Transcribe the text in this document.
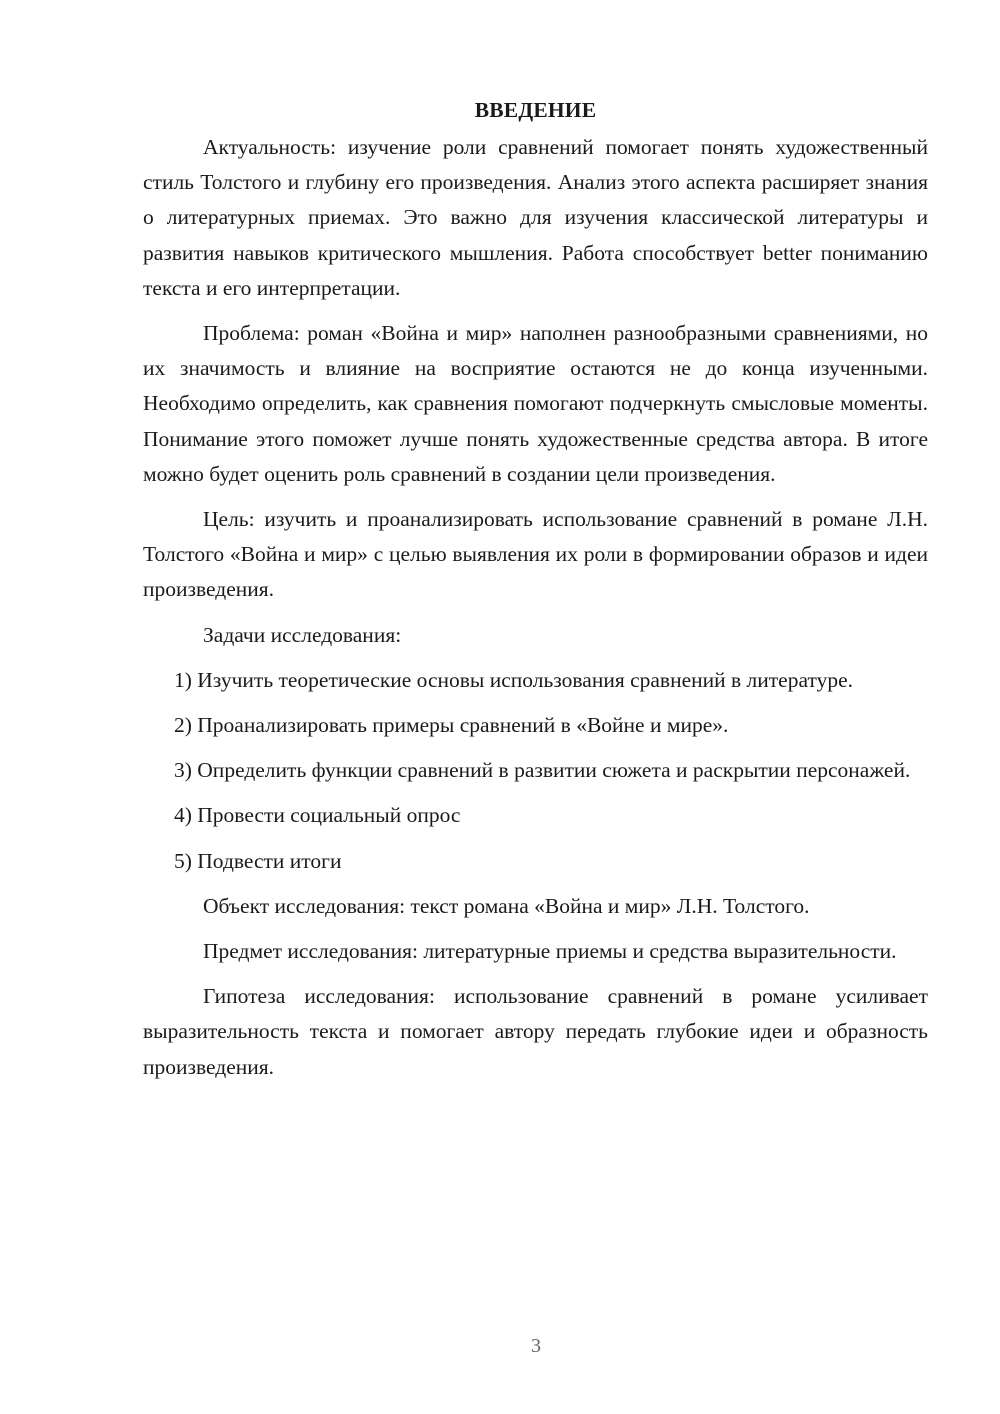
ВВЕДЕНИЕ

Актуальность: изучение роли сравнений помогает понять художественный стиль Толстого и глубину его произведения. Анализ этого аспекта расширяет знания о литературных приемах. Это важно для изучения классической литературы и развития навыков критического мышления. Работа способствует better пониманию текста и его интерпретации.

Проблема: роман «Война и мир» наполнен разнообразными сравнениями, но их значимость и влияние на восприятие остаются не до конца изученными. Необходимо определить, как сравнения помогают подчеркнуть смысловые моменты. Понимание этого поможет лучше понять художественные средства автора. В итоге можно будет оценить роль сравнений в создании цели произведения.

Цель: изучить и проанализировать использование сравнений в романе Л.Н. Толстого «Война и мир» с целью выявления их роли в формировании образов и идеи произведения.

Задачи исследования:

1) Изучить теоретические основы использования сравнений в литературе.

2) Проанализировать примеры сравнений в «Войне и мире».

3) Определить функции сравнений в развитии сюжета и раскрытии персонажей.

4) Провести социальный опрос

5) Подвести итоги

Объект исследования: текст романа «Война и мир» Л.Н. Толстого.

Предмет исследования: литературные приемы и средства выразительности.

Гипотеза исследования: использование сравнений в романе усиливает выразительность текста и помогает автору передать глубокие идеи и образность произведения.

3
